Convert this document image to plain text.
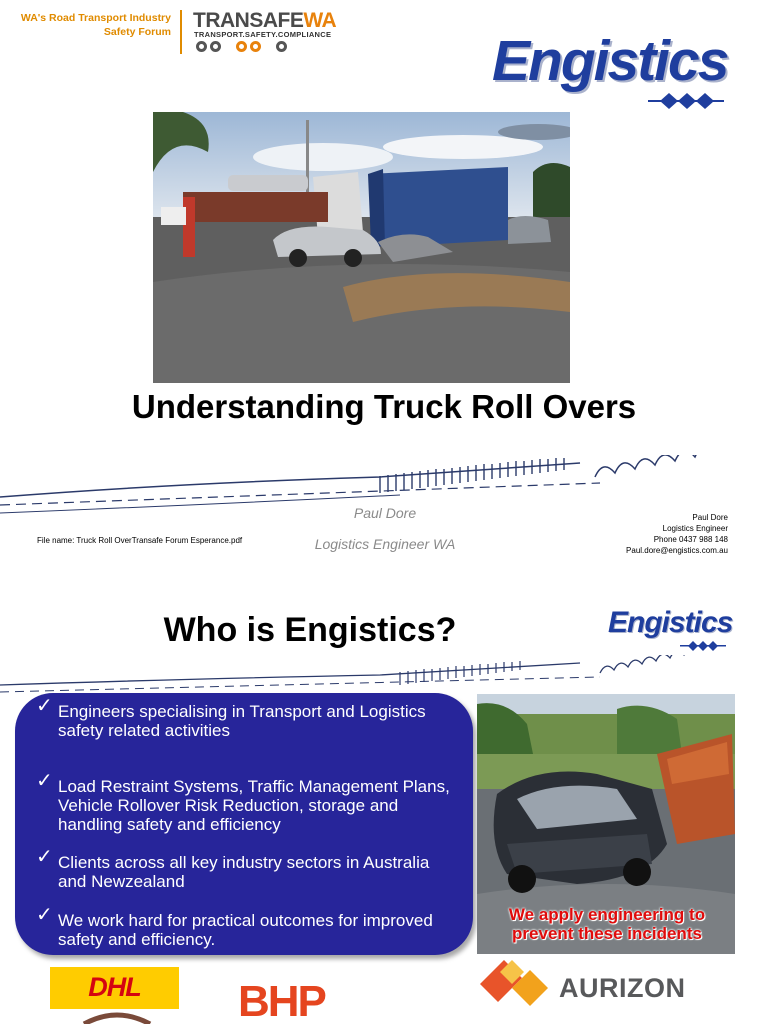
WA's Road Transport Industry
Safety Forum TRANSAFEWA
TRANSPORT.SAFETY.COMPLIANCE	Engistics
Understanding Truck Roll Overs
Paul Dore
Logistics Engineer WA
File name: Truck Roll OverTransafe Forum Esperance.pdf
Paul Dore
Logistics Engineer
Phone 0437 988 148
Paul.dore@engistics.com.au
Who is Engistics?	Engistics
✓ Engineers specialising in Transport and Logistics safety related activities
✓ Load Restraint Systems, Traffic Management Plans, Vehicle Rollover Risk Reduction, storage and handling safety and efficiency
✓ Clients across all key industry sectors in Australia and Newzealand
✓ We work hard for practical outcomes for improved safety and efficiency.
We apply engineering to
prevent these incidents
DHL	BHP	AURIZON
